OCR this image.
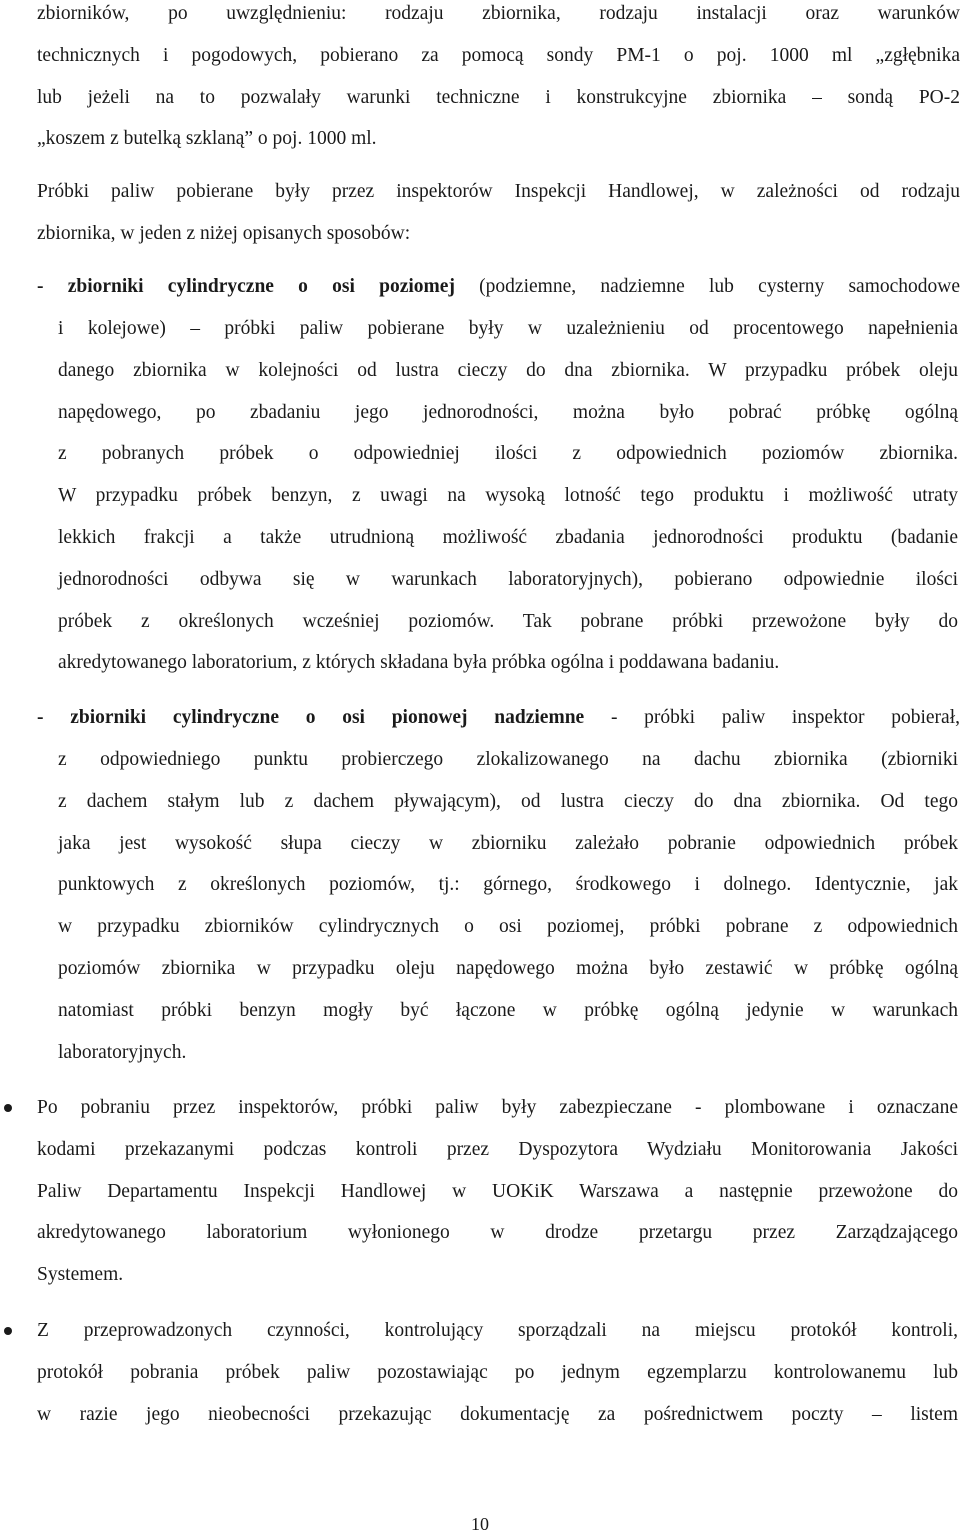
zbiorników, po uwzględnieniu: rodzaju zbiornika, rodzaju instalacji oraz warunków
technicznych i pogodowych, pobierano za pomocą sondy PM-1 o poj. 1000 ml „zgłębnika
lub jeżeli na to pozwalały warunki techniczne i konstrukcyjne zbiornika – sondą PO-2
„koszem z butelką szklaną” o poj. 1000 ml.
Próbki paliw pobierane były przez inspektorów Inspekcji Handlowej, w zależności od rodzaju
zbiornika, w jeden z niżej opisanych sposobów:
- zbiorniki cylindryczne o osi poziomej (podziemne, nadziemne lub cysterny samochodowe
i kolejowe) – próbki paliw pobierane były w uzależnieniu od procentowego napełnienia
danego zbiornika w kolejności od lustra cieczy do dna zbiornika. W przypadku próbek oleju
napędowego, po zbadaniu jego jednorodności, można było pobrać próbkę ogólną
z pobranych próbek o odpowiedniej ilości z odpowiednich poziomów zbiornika.
W przypadku próbek benzyn, z uwagi na wysoką lotność tego produktu i możliwość utraty
lekkich frakcji a także utrudnioną możliwość zbadania jednorodności produktu (badanie
jednorodności odbywa się w warunkach laboratoryjnych), pobierano odpowiednie ilości
próbek z określonych wcześniej poziomów. Tak pobrane próbki przewożone były do
akredytowanego laboratorium, z których składana była próbka ogólna i poddawana badaniu.
- zbiorniki cylindryczne o osi pionowej nadziemne - próbki paliw inspektor pobierał,
z odpowiedniego punktu probierczego zlokalizowanego na dachu zbiornika (zbiorniki
z dachem stałym lub z dachem pływającym), od lustra cieczy do dna zbiornika. Od tego
jaka jest wysokość słupa cieczy w zbiorniku zależało pobranie odpowiednich próbek
punktowych z określonych poziomów, tj.: górnego, środkowego i dolnego. Identycznie, jak
w przypadku zbiorników cylindrycznych o osi poziomej, próbki pobrane z odpowiednich
poziomów zbiornika w przypadku oleju napędowego można było zestawić w próbkę ogólną
natomiast próbki benzyn mogły być łączone w próbkę ogólną jedynie w warunkach
laboratoryjnych.
Po pobraniu przez inspektorów, próbki paliw były zabezpieczane - plombowane i oznaczane
kodami przekazanymi podczas kontroli przez Dyspozytora Wydziału Monitorowania Jakości
Paliw Departamentu Inspekcji Handlowej w UOKiK Warszawa a następnie przewożone do
akredytowanego laboratorium wyłonionego w drodze przetargu przez Zarządzającego
Systemem.
Z przeprowadzonych czynności, kontrolujący sporządzali na miejscu protokół kontroli,
protokół pobrania próbek paliw pozostawiając po jednym egzemplarzu kontrolowanemu lub
w razie jego nieobecności przekazując dokumentację za pośrednictwem poczty – listem
10
